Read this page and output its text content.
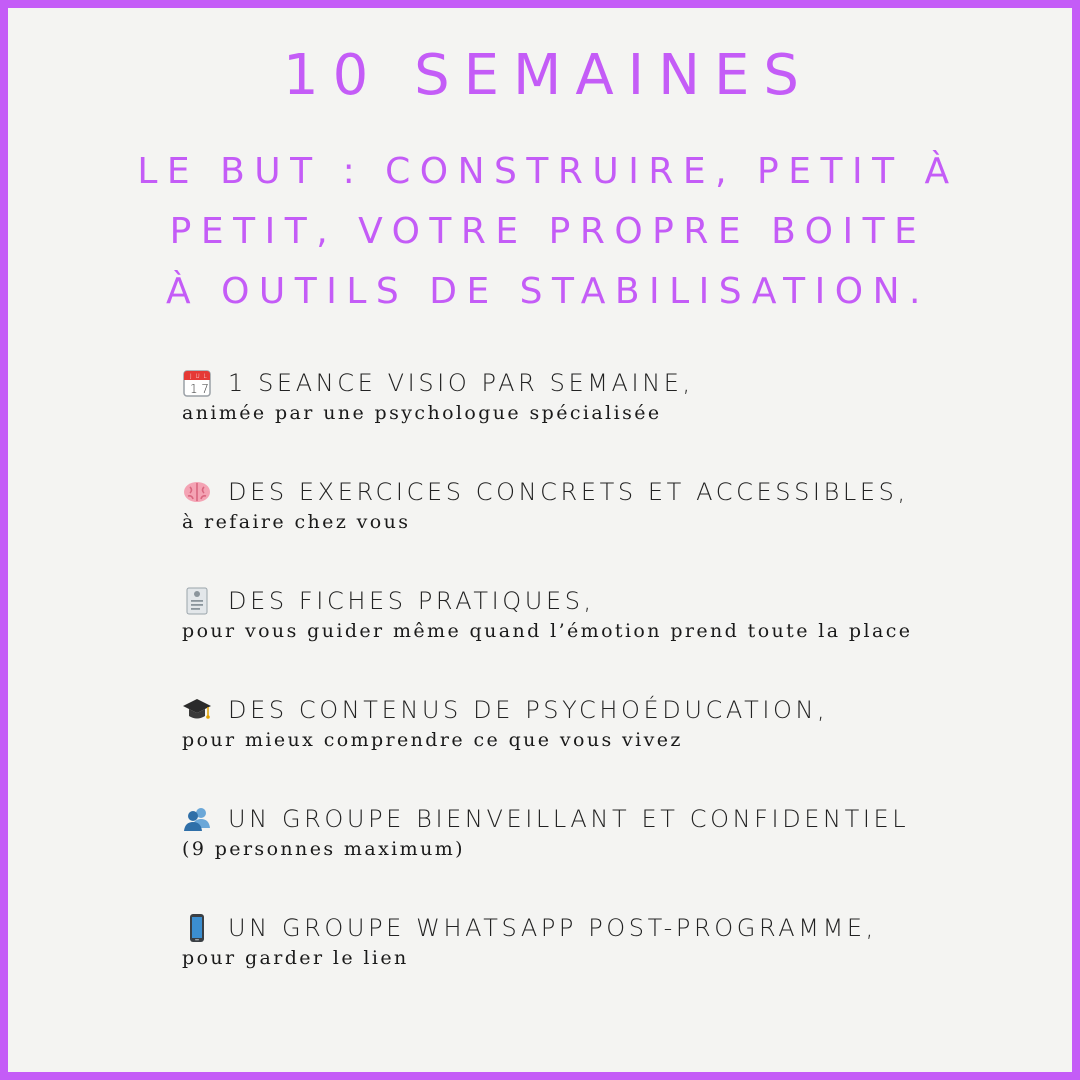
10 SEMAINES
LE BUT : CONSTRUIRE, PETIT À
PETIT, VOTRE PROPRE BOITE
À OUTILS DE STABILISATION.
JUL
17 1 SEANCE VISIO PAR SEMAINE,
animée par une psychologue spécialisée
DES EXERCICES CONCRETS ET ACCESSIBLES,
à refaire chez vous
DES FICHES PRATIQUES,
pour vous guider même quand l’émotion prend toute la place
DES CONTENUS DE PSYCHOÉDUCATION,
pour mieux comprendre ce que vous vivez
UN GROUPE BIENVEILLANT ET CONFIDENTIEL
(9 personnes maximum)
UN GROUPE WHATSAPP POST-PROGRAMME,
pour garder le lien
